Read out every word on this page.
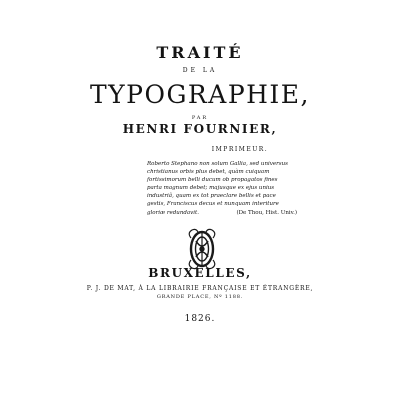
TRAITÉ
DE LA
TYPOGRAPHIE,
PAR
HENRI FOURNIER,
IMPRIMEUR.
Roberto Stephano non solum Gallia, sed universus
christianus orbis plus debet, quàm cuiquam
fortissimorum belli ducum ob propagatos fines
parta magnum debet; majusque ex ejus unius
industriâ, quam ex tot praeclare bellis et pace
gestis, Franciscus decus et nunquam interiture
gloriæ redundavit.	(De Thou, Hist. Univ.)
BRUXELLES,
P. J. DE MAT, À LA LIBRAIRIE FRANÇAISE ET ÉTRANGÈRE,
GRANDE PLACE, Nº 1188.
1826.
